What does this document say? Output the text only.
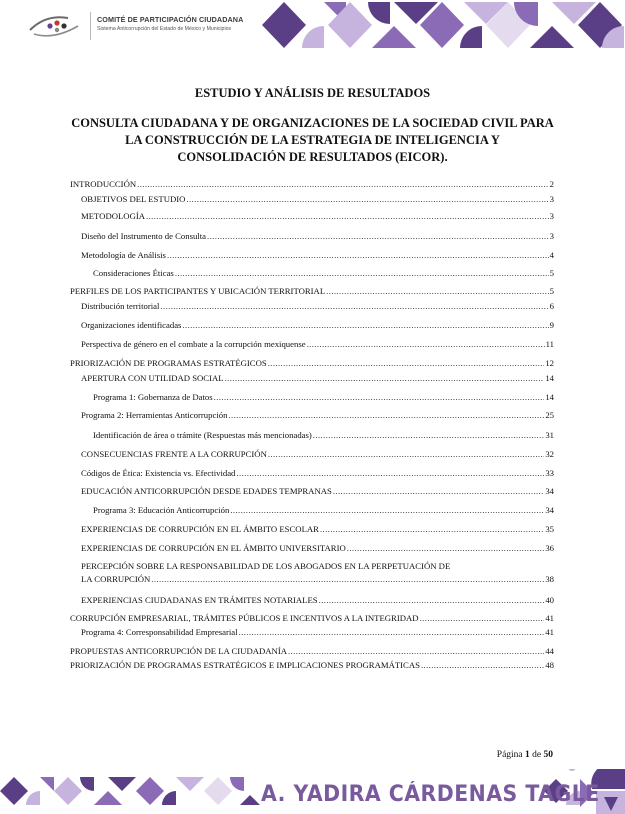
COMITÉ DE PARTICIPACIÓN CIUDADANA
Sistema Anticorrupción del Estado de México y Municipios
ESTUDIO Y ANÁLISIS DE RESULTADOS
CONSULTA CIUDADANA Y DE ORGANIZACIONES DE LA SOCIEDAD CIVIL PARA LA CONSTRUCCIÓN DE LA ESTRATEGIA DE INTELIGENCIA Y CONSOLIDACIÓN DE RESULTADOS (EICOR).
INTRODUCCIÓN .....	2
OBJETIVOS DEL ESTUDIO .....	3
METODOLOGÍA .....	3
Diseño del Instrumento de Consulta .....	3
Metodología de Análisis .....	4
Consideraciones Éticas .....	5
PERFILES DE LOS PARTICIPANTES Y UBICACIÓN TERRITORIAL .....	5
Distribución territorial .....	6
Organizaciones identificadas .....	9
Perspectiva de género en el combate a la corrupción mexiquense .....	11
PRIORIZACIÓN DE PROGRAMAS ESTRATÉGICOS .....	12
APERTURA CON UTILIDAD SOCIAL .....	14
Programa 1: Gobernanza de Datos .....	14
Programa 2: Herramientas Anticorrupción .....	25
Identificación de área o trámite (Respuestas más mencionadas) .....	31
CONSECUENCIAS FRENTE A LA CORRUPCIÓN .....	32
Códigos de Ética: Existencia vs. Efectividad .....	33
EDUCACIÓN ANTICORRUPCIÓN DESDE EDADES TEMPRANAS .....	34
Programa 3: Educación Anticorrupción .....	34
EXPERIENCIAS DE CORRUPCIÓN EN EL ÁMBITO ESCOLAR .....	35
EXPERIENCIAS DE CORRUPCIÓN EN EL ÁMBITO UNIVERSITARIO .....	36
PERCEPCIÓN SOBRE LA RESPONSABILIDAD DE LOS ABOGADOS EN LA PERPETUACIÓN DE
LA CORRUPCIÓN .....	38
EXPERIENCIAS CIUDADANAS EN TRÁMITES NOTARIALES .....	40
CORRUPCIÓN EMPRESARIAL, TRÁMITES PÚBLICOS E INCENTIVOS A LA INTEGRIDAD .....	41
Programa 4: Corresponsabilidad Empresarial .....	41
PROPUESTAS ANTICORRUPCIÓN DE LA CIUDADANÍA .....	44
PRIORIZACIÓN DE PROGRAMAS ESTRATÉGICOS E IMPLICACIONES PROGRAMÁTICAS .....	48
Página 1 de 50
A. YADIRA CÁRDENAS TAGLE
